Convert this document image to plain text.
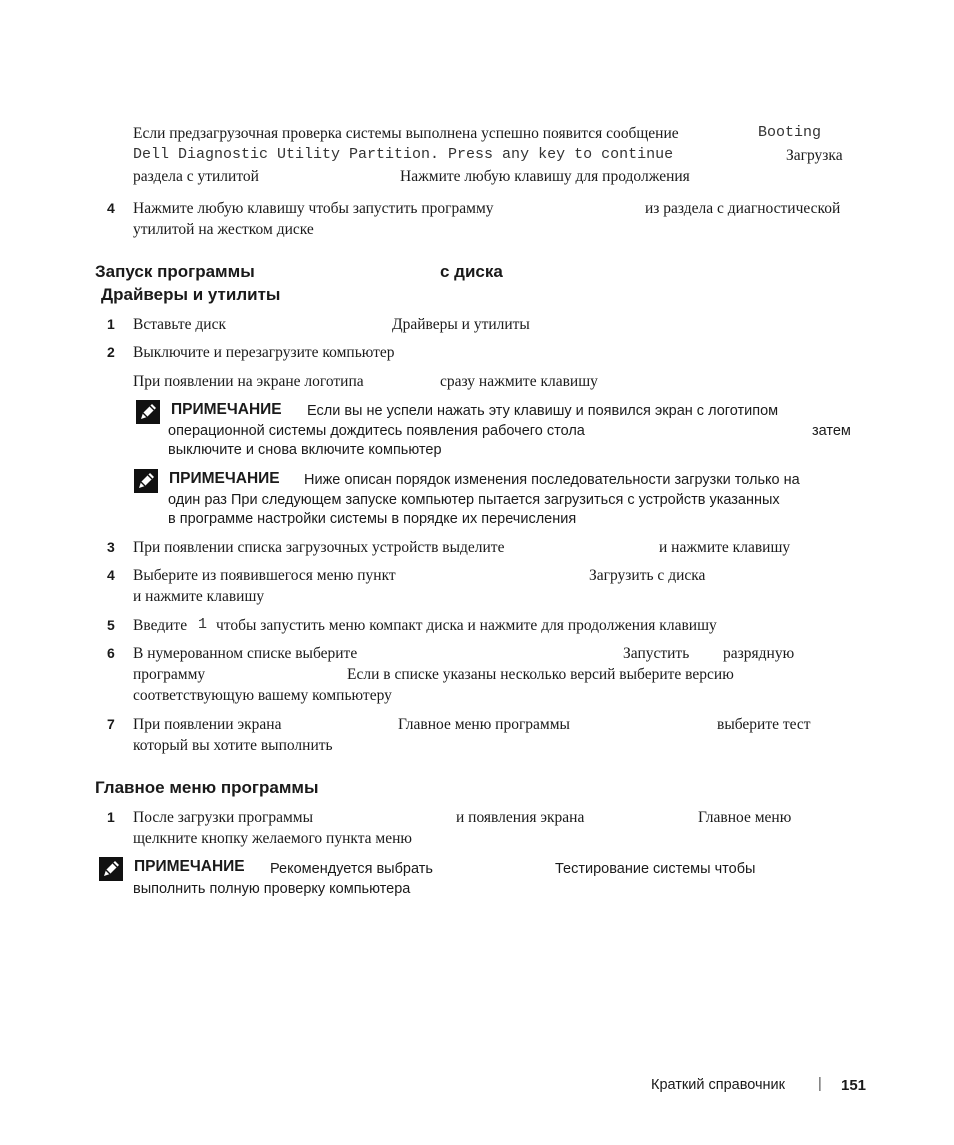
Если предзагрузочная проверка системы выполнена успешно появится сообщение	Booting
Dell Diagnostic Utility Partition. Press any key to continue	Загрузка
раздела с утилитой	Нажмите любую клавишу для продолжения
4 Нажмите любую клавишу чтобы запустить программу	из раздела с диагностической
утилитой на жестком диске
Запуск программы	с диска
Драйверы и утилиты
1 Вставьте диск	Драйверы и утилиты
2 Выключите и перезагрузите компьютер
При появлении на экране логотипа	сразу нажмите клавишу
ПРИМЕЧАНИЕ Если вы не успели нажать эту клавишу и появился экран с логотипом
операционной системы дождитесь появления рабочего стола	затем
выключите и снова включите компьютер
ПРИМЕЧАНИЕ Ниже описан порядок изменения последовательности загрузки только на
один раз При следующем запуске компьютер пытается загрузиться с устройств указанных
в программе настройки системы в порядке их перечисления
3 При появлении списка загрузочных устройств выделите	и нажмите клавишу
4 Выберите из появившегося меню пункт	Загрузить с диска
и нажмите клавишу
5 Введите 1 чтобы запустить меню компакт диска и нажмите для продолжения клавишу
6 В нумерованном списке выберите	Запустить разрядную
программу	Если в списке указаны несколько версий выберите версию
соответствующую вашему компьютеру
7 При появлении экрана	Главное меню программы	выберите тест
который вы хотите выполнить
Главное меню программы
1 После загрузки программы	и появления экрана	Главное меню
щелкните кнопку желаемого пункта меню
ПРИМЕЧАНИЕ Рекомендуется выбрать	Тестирование системы чтобы
выполнить полную проверку компьютера
Краткий справочник | 151
